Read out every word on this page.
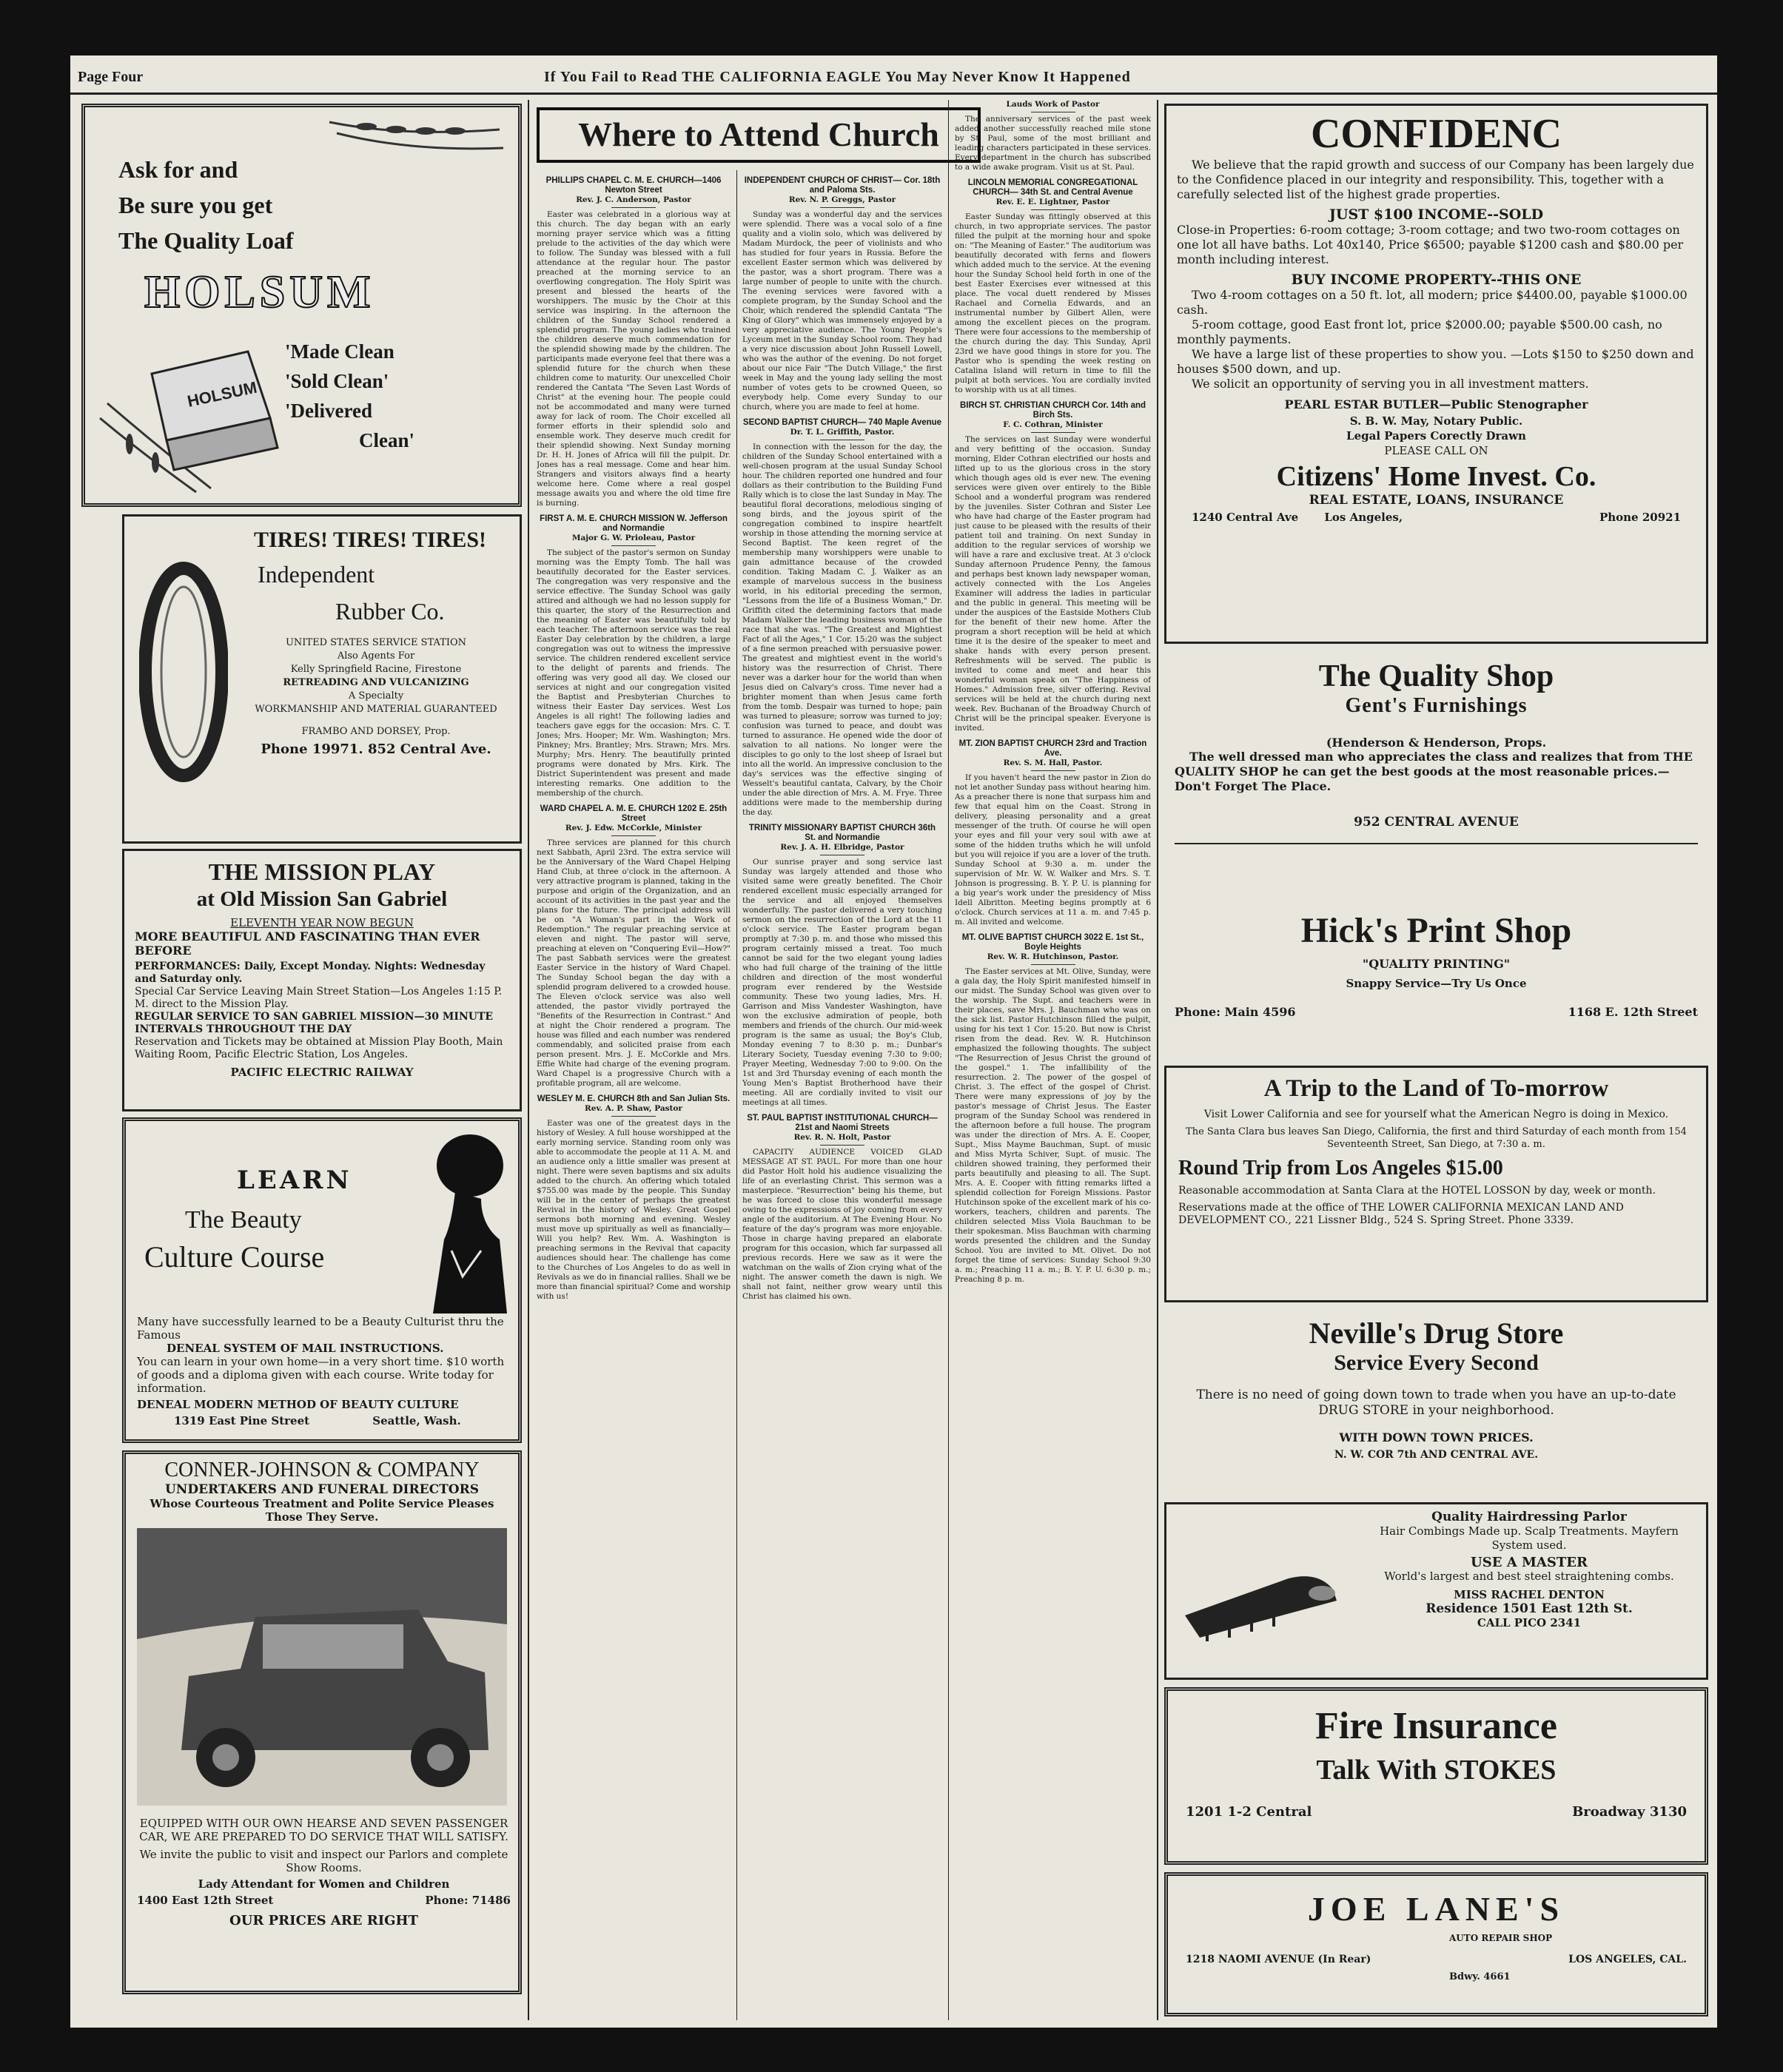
Page Four	If You Fail to Read THE CALIFORNIA EAGLE You May Never Know It Happened
HOLSUM
Ask for and
Be sure you get
The Quality Loaf
HOLSUM
'Made Clean
'Sold Clean'
'Delivered
Clean'
TIRES! TIRES! TIRES!
Independent
Rubber Co.
UNITED STATES SERVICE STATION
Also Agents For
Kelly Springfield Racine, Firestone
RETREADING AND VULCANIZING
A Specialty
WORKMANSHIP AND MATERIAL GUARANTEED
FRAMBO AND DORSEY, Prop.
Phone 19971. 852 Central Ave.
THE MISSION PLAY
at Old Mission San Gabriel
ELEVENTH YEAR NOW BEGUN
MORE BEAUTIFUL AND FASCINATING THAN EVER BEFORE
PERFORMANCES: Daily, Except Monday. Nights: Wednesday and Saturday only.
Special Car Service Leaving Main Street Station—Los Angeles 1:15 P. M. direct to the Mission Play.
REGULAR SERVICE TO SAN GABRIEL MISSION—30 MINUTE INTERVALS THROUGHOUT THE DAY
Reservation and Tickets may be obtained at Mission Play Booth, Main Waiting Room, Pacific Electric Station, Los Angeles.
PACIFIC ELECTRIC RAILWAY
LEARN
The Beauty
Culture Course
Many have successfully learned to be a Beauty Culturist thru the Famous
DENEAL SYSTEM OF MAIL INSTRUCTIONS.
You can learn in your own home—in a very short time. $10 worth of goods and a diploma given with each course. Write today for information.
DENEAL MODERN METHOD OF BEAUTY CULTURE
1319 East Pine Street	Seattle, Wash.
CONNER-JOHNSON & COMPANY
UNDERTAKERS AND FUNERAL DIRECTORS
Whose Courteous Treatment and Polite Service Pleases Those They Serve.
EQUIPPED WITH OUR OWN HEARSE AND SEVEN PASSENGER CAR, WE ARE PREPARED TO DO SERVICE THAT WILL SATISFY.
We invite the public to visit and inspect our Parlors and complete Show Rooms.
Lady Attendant for Women and Children
1400 East 12th Street	Phone: 71486
OUR PRICES ARE RIGHT
Where to Attend Church
PHILLIPS CHAPEL C. M. E. CHURCH—1406 Newton Street
Rev. J. C. Anderson, Pastor

Easter was celebrated in a glorious way at this church. The day began with an early morning prayer service which was a fitting prelude to the activities of the day which were to follow. The Sunday was blessed with a full attendance at the regular hour. The pastor preached at the morning service to an overflowing congregation. The Holy Spirit was present and blessed the hearts of the worshippers. The music by the Choir at this service was inspiring. In the afternoon the children of the Sunday School rendered a splendid program. The young ladies who trained the children deserve much commendation for the splendid showing made by the children. The participants made everyone feel that there was a splendid future for the church when these children come to maturity. Our unexcelled Choir rendered the Cantata "The Seven Last Words of Christ" at the evening hour. The people could not be accommodated and many were turned away for lack of room. The Choir excelled all former efforts in their splendid solo and ensemble work. They deserve much credit for their splendid showing. Next Sunday morning Dr. H. H. Jones of Africa will fill the pulpit. Dr. Jones has a real message. Come and hear him. Strangers and visitors always find a hearty welcome here. Come where a real gospel message awaits you and where the old time fire is burning.

FIRST A. M. E. CHURCH MISSION W. Jefferson and Normandie
Major G. W. Prioleau, Pastor

The subject of the pastor's sermon on Sunday morning was the Empty Tomb. The hall was beautifully decorated for the Easter services. The congregation was very responsive and the service effective. The Sunday School was gaily attired and although we had no lesson supply for this quarter, the story of the Resurrection and the meaning of Easter was beautifully told by each teacher. The afternoon service was the real Easter Day celebration by the children, a large congregation was out to witness the impressive service. The children rendered excellent service to the delight of parents and friends. The offering was very good all day. We closed our services at night and our congregation visited the Baptist and Presbyterian Churches to witness their Easter Day services. West Los Angeles is all right! The following ladies and teachers gave eggs for the occasion: Mrs. C. T. Jones; Mrs. Hooper; Mr. Wm. Washington; Mrs. Pinkney; Mrs. Brantley; Mrs. Strawn; Mrs. Mrs. Murphy; Mrs. Henry. The beautifully printed programs were donated by Mrs. Kirk. The District Superintendent was present and made interesting remarks. One addition to the membership of the church.

WARD CHAPEL A. M. E. CHURCH 1202 E. 25th Street
Rev. J. Edw. McCorkle, Minister

Three services are planned for this church next Sabbath, April 23rd. The extra service will be the Anniversary of the Ward Chapel Helping Hand Club, at three o'clock in the afternoon. A very attractive program is planned, taking in the purpose and origin of the Organization, and an account of its activities in the past year and the plans for the future. The principal address will be on "A Woman's part in the Work of Redemption." The regular preaching service at eleven and night. The pastor will serve, preaching at eleven on "Conquering Evil—How?" The past Sabbath services were the greatest Easter Service in the history of Ward Chapel. The Sunday School began the day with a splendid program delivered to a crowded house. The Eleven o'clock service was also well attended, the pastor vividly portrayed the "Benefits of the Resurrection in Contrast." And at night the Choir rendered a program. The house was filled and each number was rendered commendably, and solicited praise from each person present. Mrs. J. E. McCorkle and Mrs. Effie White had charge of the evening program. Ward Chapel is a progressive Church with a profitable program, all are welcome.

WESLEY M. E. CHURCH 8th and San Julian Sts.
Rev. A. P. Shaw, Pastor

Easter was one of the greatest days in the history of Wesley. A full house worshipped at the early morning service. Standing room only was able to accommodate the people at 11 A. M. and an audience only a little smaller was present at night. There were seven baptisms and six adults added to the church. An offering which totaled $755.00 was made by the people. This Sunday will be in the center of perhaps the greatest Revival in the history of Wesley. Great Gospel sermons both morning and evening. Wesley must move up spiritually as well as financially—Will you help? Rev. Wm. A. Washington is preaching sermons in the Revival that capacity audiences should hear. The challenge has come to the Churches of Los Angeles to do as well in Revivals as we do in financial rallies. Shall we be more than financial spiritual? Come and worship with us!

INDEPENDENT CHURCH OF CHRIST— Cor. 18th and Paloma Sts.
Rev. N. P. Greggs, Pastor

Sunday was a wonderful day and the services were splendid. There was a vocal solo of a fine quality and a violin solo, which was delivered by Madam Murdock, the peer of violinists and who has studied for four years in Russia. Before the excellent Easter sermon which was delivered by the pastor, was a short program. There was a large number of people to unite with the church. The evening services were favored with a complete program, by the Sunday School and the Choir, which rendered the splendid Cantata "The King of Glory" which was immensely enjoyed by a very appreciative audience. The Young People's Lyceum met in the Sunday School room. They had a very nice discussion about John Russell Lowell, who was the author of the evening. Do not forget about our nice Fair "The Dutch Village," the first week in May and the young lady selling the most number of votes gets to be crowned Queen, so everybody help. Come every Sunday to our church, where you are made to feel at home.

SECOND BAPTIST CHURCH— 740 Maple Avenue
Dr. T. L. Griffith, Pastor.

In connection with the lesson for the day, the children of the Sunday School entertained with a well-chosen program at the usual Sunday School hour. The children reported one hundred and four dollars as their contribution to the Building Fund Rally which is to close the last Sunday in May. The beautiful floral decorations, melodious singing of song birds, and the joyous spirit of the congregation combined to inspire heartfelt worship in those attending the morning service at Second Baptist. The keen regret of the membership many worshippers were unable to gain admittance because of the crowded condition. Taking Madam C. J. Walker as an example of marvelous success in the business world, in his editorial preceding the sermon, "Lessons from the life of a Business Woman," Dr. Griffith cited the determining factors that made Madam Walker the leading business woman of the race that she was. "The Greatest and Mightiest Fact of all the Ages," 1 Cor. 15:20 was the subject of a fine sermon preached with persuasive power. The greatest and mightiest event in the world's history was the resurrection of Christ. There never was a darker hour for the world than when Jesus died on Calvary's cross. Time never had a brighter moment than when Jesus came forth from the tomb. Despair was turned to hope; pain was turned to pleasure; sorrow was turned to joy; confusion was turned to peace, and doubt was turned to assurance. He opened wide the door of salvation to all nations. No longer were the disciples to go only to the lost sheep of Israel but into all the world. An impressive conclusion to the day's services was the effective singing of Wesselt's beautiful cantata, Calvary, by the Choir under the able direction of Mrs. A. M. Frye. Three additions were made to the membership during the day.

TRINITY MISSIONARY BAPTIST CHURCH 36th St. and Normandie
Rev. J. A. H. Elbridge, Pastor

Our sunrise prayer and song service last Sunday was largely attended and those who visited same were greatly benefited. The Choir rendered excellent music especially arranged for the service and all enjoyed themselves wonderfully. The pastor delivered a very touching sermon on the resurrection of the Lord at the 11 o'clock service. The Easter program began promptly at 7:30 p. m. and those who missed this program certainly missed a treat. Too much cannot be said for the two elegant young ladies who had full charge of the training of the little children and direction of the most wonderful program ever rendered by the Westside community. These two young ladies, Mrs. H. Garrison and Miss Vandester Washington, have won the exclusive admiration of people, both members and friends of the church. Our mid-week program is the same as usual; the Boy's Club, Monday evening 7 to 8:30 p. m.; Dunbar's Literary Society, Tuesday evening 7:30 to 9:00; Prayer Meeting, Wednesday 7:00 to 9:00. On the 1st and 3rd Thursday evening of each month the Young Men's Baptist Brotherhood have their meeting. All are cordially invited to visit our meetings at all times.

ST. PAUL BAPTIST INSTITUTIONAL CHURCH— 21st and Naomi Streets
Rev. R. N. Holt, Pastor

CAPACITY AUDIENCE VOICED GLAD MESSAGE AT ST. PAUL. For more than one hour did Pastor Holt hold his audience visualizing the life of an everlasting Christ. This sermon was a masterpiece. "Resurrection" being his theme, but he was forced to close this wonderful message owing to the expressions of joy coming from every angle of the auditorium. At The Evening Hour. No feature of the day's program was more enjoyable. Those in charge having prepared an elaborate program for this occasion, which far surpassed all previous records. Here we saw as it were the watchman on the walls of Zion crying what of the night. The answer cometh the dawn is nigh. We shall not faint, neither grow weary until this Christ has claimed his own.

Lauds Work of Pastor

The anniversary services of the past week added another successfully reached mile stone by St. Paul, some of the most brilliant and leading characters participated in these services. Every department in the church has subscribed to a wide awake program. Visit us at St. Paul.

LINCOLN MEMORIAL CONGREGATIONAL CHURCH— 34th St. and Central Avenue
Rev. E. E. Lightner, Pastor

Easter Sunday was fittingly observed at this church, in two appropriate services. The pastor filled the pulpit at the morning hour and spoke on: "The Meaning of Easter." The auditorium was beautifully decorated with ferns and flowers which added much to the service. At the evening hour the Sunday School held forth in one of the best Easter Exercises ever witnessed at this place. The vocal duett rendered by Misses Rachael and Cornelia Edwards, and an instrumental number by Gilbert Allen, were among the excellent pieces on the program. There were four accessions to the membership of the church during the day. This Sunday, April 23rd we have good things in store for you. The Pastor who is spending the week resting on Catalina Island will return in time to fill the pulpit at both services. You are cordially invited to worship with us at all times.

BIRCH ST. CHRISTIAN CHURCH Cor. 14th and Birch Sts.
F. C. Cothran, Minister

The services on last Sunday were wonderful and very befitting of the occasion. Sunday morning, Elder Cothran electrified our hosts and lifted up to us the glorious cross in the story which though ages old is ever new. The evening services were given over entirely to the Bible School and a wonderful program was rendered by the juveniles. Sister Cothran and Sister Lee who have had charge of the Easter program had just cause to be pleased with the results of their patient toil and training. On next Sunday in addition to the regular services of worship we will have a rare and exclusive treat. At 3 o'clock Sunday afternoon Prudence Penny, the famous and perhaps best known lady newspaper woman, actively connected with the Los Angeles Examiner will address the ladies in particular and the public in general. This meeting will be under the auspices of the Eastside Mothers Club for the benefit of their new home. After the program a short reception will be held at which time it is the desire of the speaker to meet and shake hands with every person present. Refreshments will be served. The public is invited to come and meet and hear this wonderful woman speak on "The Happiness of Homes." Admission free, silver offering. Revival services will be held at the church during next week. Rev. Buchanan of the Broadway Church of Christ will be the principal speaker. Everyone is invited.

MT. ZION BAPTIST CHURCH 23rd and Traction Ave.
Rev. S. M. Hall, Pastor.

If you haven't heard the new pastor in Zion do not let another Sunday pass without hearing him. As a preacher there is none that surpass him and few that equal him on the Coast. Strong in delivery, pleasing personality and a great messenger of the truth. Of course he will open your eyes and fill your very soul with awe at some of the hidden truths which he will unfold but you will rejoice if you are a lover of the truth. Sunday School at 9:30 a. m. under the supervision of Mr. W. W. Walker and Mrs. S. T. Johnson is progressing. B. Y. P. U. is planning for a big year's work under the presidency of Miss Idell Albritton. Meeting begins promptly at 6 o'clock. Church services at 11 a. m. and 7:45 p. m. All invited and welcome.

MT. OLIVE BAPTIST CHURCH 3022 E. 1st St., Boyle Heights
Rev. W. R. Hutchinson, Pastor.

The Easter services at Mt. Olive, Sunday, were a gala day, the Holy Spirit manifested himself in our midst. The Sunday School was given over to the worship. The Supt. and teachers were in their places, save Mrs. J. Bauchman who was on the sick list. Pastor Hutchinson filled the pulpit, using for his text 1 Cor. 15:20. But now is Christ risen from the dead. Rev. W. R. Hutchinson emphasized the following thoughts. The subject "The Resurrection of Jesus Christ the ground of the gospel." 1. The infallibility of the resurrection. 2. The power of the gospel of Christ. 3. The effect of the gospel of Christ. There were many expressions of joy by the pastor's message of Christ Jesus. The Easter program of the Sunday School was rendered in the afternoon before a full house. The program was under the direction of Mrs. A. E. Cooper, Supt., Miss Mayme Bauchman, Supt. of music and Miss Myrta Schiver, Supt. of music. The children showed training, they performed their parts beautifully and pleasing to all. The Supt. Mrs. A. E. Cooper with fitting remarks lifted a splendid collection for Foreign Missions. Pastor Hutchinson spoke of the excellent mark of his co-workers, teachers, children and parents. The children selected Miss Viola Bauchman to be their spokesman. Miss Bauchman with charming words presented the children and the Sunday School. You are invited to Mt. Olivet. Do not forget the time of services: Sunday School 9:30 a. m.; Preaching 11 a. m.; B. Y. P. U. 6:30 p. m.; Preaching 8 p. m.

CONFIDENC
We believe that the rapid growth and success of our Company has been largely due to the Confidence placed in our integrity and responsibility. This, together with a carefully selected list of the highest grade properties.
JUST $100 INCOME--SOLD
Close-in Properties: 6-room cottage; 3-room cottage; and two two-room cottages on one lot all have baths. Lot 40x140, Price $6500; payable $1200 cash and $80.00 per month including interest.
BUY INCOME PROPERTY--THIS ONE
Two 4-room cottages on a 50 ft. lot, all modern; price $4400.00, payable $1000.00 cash.
5-room cottage, good East front lot, price $2000.00; payable $500.00 cash, no monthly payments.
We have a large list of these properties to show you. —Lots $150 to $250 down and houses $500 down, and up.
We solicit an opportunity of serving you in all investment matters.
PEARL ESTAR BUTLER—Public Stenographer
S. B. W. May, Notary Public.
Legal Papers Corectly Drawn
PLEASE CALL ON
Citizens' Home Invest. Co.
REAL ESTATE, LOANS, INSURANCE
1240 Central Ave Los Angeles,	Phone 20921
The Quality Shop
Gent's Furnishings
(Henderson & Henderson, Props.
The well dressed man who appreciates the class and realizes that from THE QUALITY SHOP he can get the best goods at the most reasonable prices.—Don't Forget The Place.
952 CENTRAL AVENUE
Hick's Print Shop
"QUALITY PRINTING"
Snappy Service—Try Us Once
Phone: Main 4596	1168 E. 12th Street
A Trip to the Land of To-morrow
Visit Lower California and see for yourself what the American Negro is doing in Mexico.
The Santa Clara bus leaves San Diego, California, the first and third Saturday of each month from 154 Seventeenth Street, San Diego, at 7:30 a. m.
Round Trip from Los Angeles $15.00
Reasonable accommodation at Santa Clara at the HOTEL LOSSON by day, week or month.
Reservations made at the office of THE LOWER CALIFORNIA MEXICAN LAND AND DEVELOPMENT CO., 221 Lissner Bldg., 524 S. Spring Street. Phone 3339.
Neville's Drug Store
Service Every Second
There is no need of going down town to trade when you have an up-to-date DRUG STORE in your neighborhood.
WITH DOWN TOWN PRICES.
N. W. COR 7th AND CENTRAL AVE.
Quality Hairdressing Parlor
Hair Combings Made up. Scalp Treatments. Mayfern System used.
USE A MASTER
World's largest and best steel straightening combs.
MISS RACHEL DENTON
Residence 1501 East 12th St.
CALL PICO 2341
Fire Insurance
Talk With STOKES
1201 1-2 Central	Broadway 3130
JOE LANE'S
AUTO REPAIR SHOP
1218 NAOMI AVENUE (In Rear)	LOS ANGELES, CAL.
Bdwy. 4661
